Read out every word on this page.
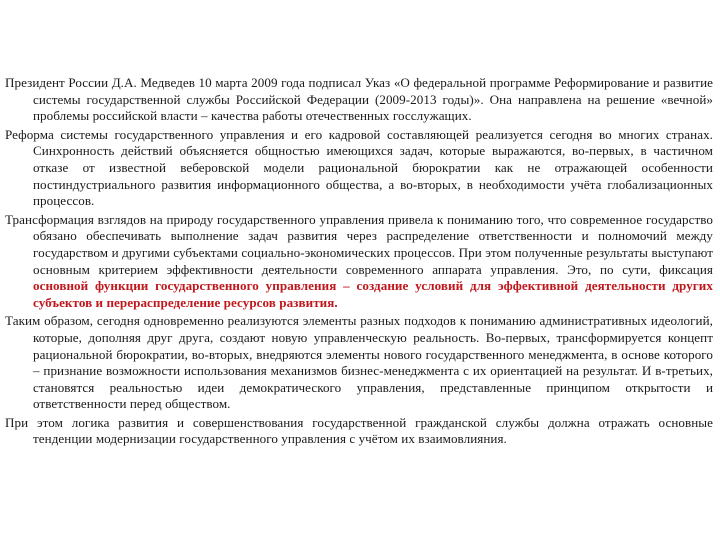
Президент России Д.А. Медведев 10 марта 2009 года подписал Указ «О федеральной программе Реформирование и развитие системы государственной службы Российской Федерации (2009-2013 годы)». Она направлена на решение «вечной» проблемы российской власти – качества работы отечественных госслужащих.

Реформа системы государственного управления и его кадровой составляющей реализуется сегодня во многих странах. Синхронность действий объясняется общностью имеющихся задач, которые выражаются, во-первых, в частичном отказе от известной веберовской модели рациональной бюрократии как не отражающей особенности постиндустриального развития информационного общества, а во-вторых, в необходимости учёта глобализационных процессов.

Трансформация взглядов на природу государственного управления привела к пониманию того, что современное государство обязано обеспечивать выполнение задач развития через распределение ответственности и полномочий между государством и другими субъектами социально-экономических процессов. При этом полученные результаты выступают основным критерием эффективности деятельности современного аппарата управления. Это, по сути, фиксация основной функции государственного управления – создание условий для эффективной деятельности других субъектов и перераспределение ресурсов развития.

Таким образом, сегодня одновременно реализуются элементы разных подходов к пониманию административных идеологий, которые, дополняя друг друга, создают новую управленческую реальность. Во-первых, трансформируется концепт рациональной бюрократии, во-вторых, внедряются элементы нового государственного менеджмента, в основе которого – признание возможности использования механизмов бизнес-менеджмента с их ориентацией на результат. И в-третьих, становятся реальностью идеи демократического управления, представленные принципом открытости и ответственности перед обществом.

При этом логика развития и совершенствования государственной гражданской службы должна отражать основные тенденции модернизации государственного управления с учётом их взаимовлияния.
